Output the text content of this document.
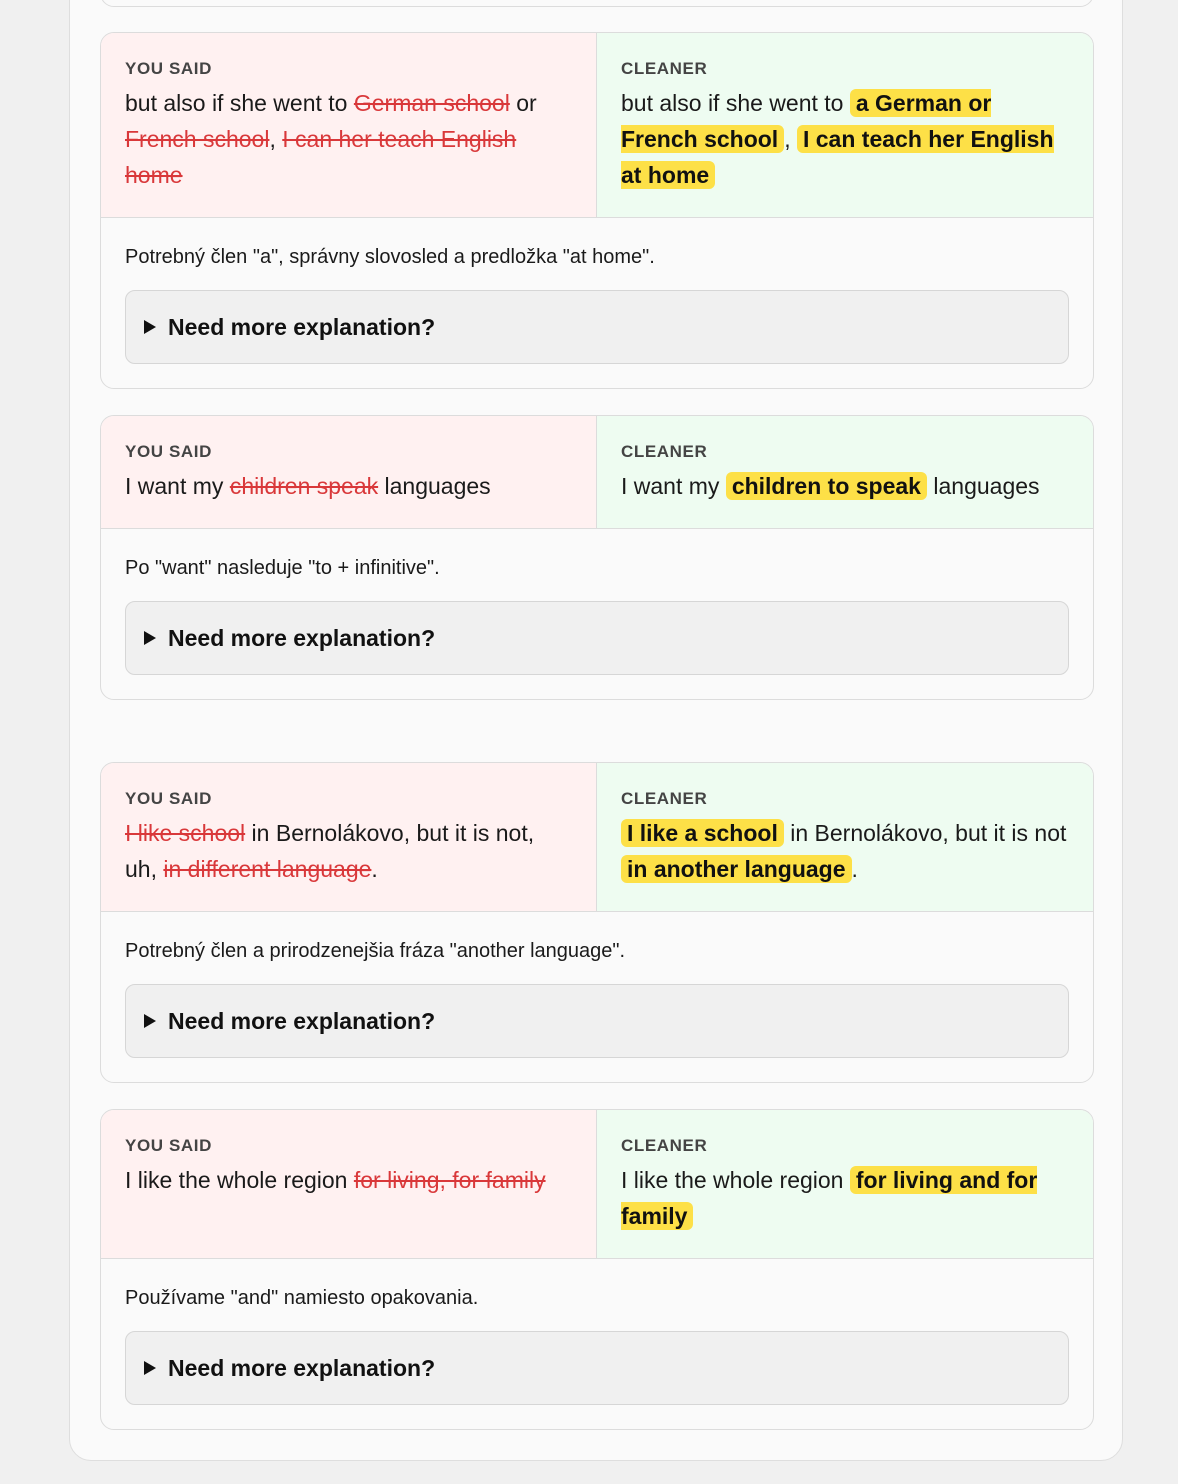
YOU SAID
but also if she went to German school or French school, I can her teach English home
CLEANER
but also if she went to a German or French school , I can teach her English at home
Potrebný člen "a", správny slovosled a predložka "at home".
Need more explanation?
YOU SAID
I want my children speak languages
CLEANER
I want my children to speak languages
Po "want" nasleduje "to + infinitive".
Need more explanation?
YOU SAID
I like school in Bernolákovo, but it is not, uh, in different language.
CLEANER
I like a school in Bernolákovo, but it is not in another language .
Potrebný člen a prirodzenejšia fráza "another language".
Need more explanation?
YOU SAID
I like the whole region for living, for family
CLEANER
I like the whole region for living and for family
Používame "and" namiesto opakovania.
Need more explanation?
